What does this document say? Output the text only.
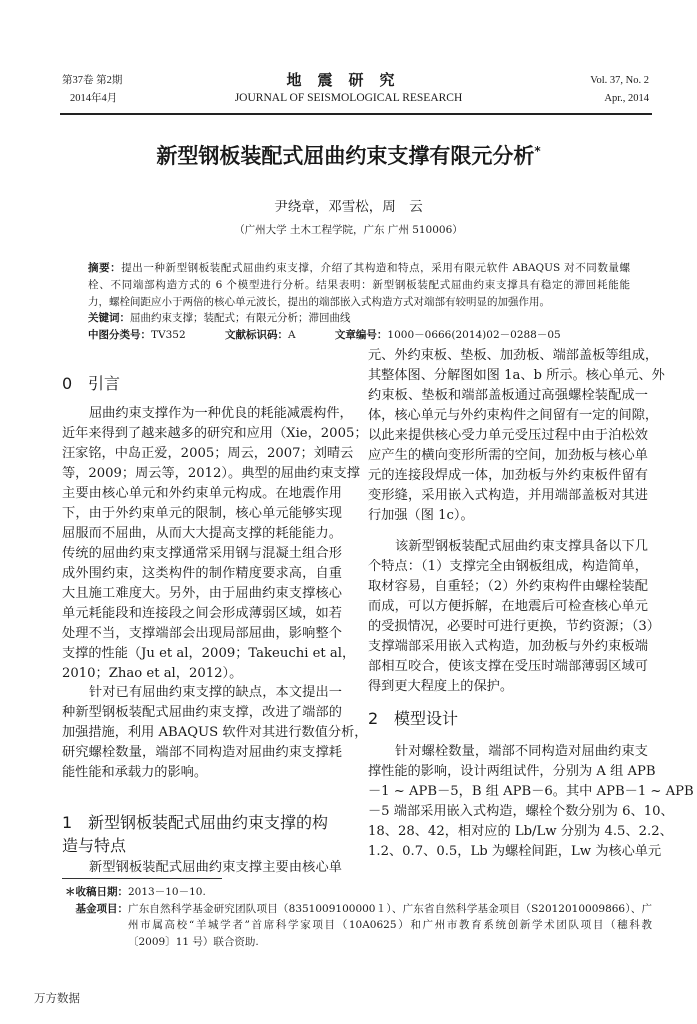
第37卷 第2期
2014年4月
地震研究
JOURNAL OF SEISMOLOGICAL RESEARCH
Vol. 37, No. 2
Apr., 2014
新型钢板装配式屈曲约束支撑有限元分析*
尹绕章，邓雪松，周　云
（广州大学 土木工程学院，广东 广州 510006）
摘要：提出一种新型钢板装配式屈曲约束支撑，介绍了其构造和特点，采用有限元软件 ABAQUS 对不同数量螺
栓、不同端部构造方式的 6 个模型进行分析。结果表明：新型钢板装配式屈曲约束支撑具有稳定的滞回耗能能
力，螺栓间距应小于两倍的核心单元波长，提出的端部嵌入式构造方式对端部有较明显的加强作用。
关键词：屈曲约束支撑；装配式；有限元分析；滞回曲线
中图分类号：TV352	文献标识码：A	文章编号：1000－0666(2014)02－0288－05
0 引言
屈曲约束支撑作为一种优良的耗能减震构件，
近年来得到了越来越多的研究和应用（Xie，2005；
汪家铭，中岛正爱，2005；周云，2007；刘晴云
等，2009；周云等，2012）。典型的屈曲约束支撑
主要由核心单元和外约束单元构成。在地震作用
下，由于外约束单元的限制，核心单元能够实现
屈服而不屈曲，从而大大提高支撑的耗能能力。
传统的屈曲约束支撑通常采用钢与混凝土组合形
成外围约束，这类构件的制作精度要求高，自重
大且施工难度大。另外，由于屈曲约束支撑核心
单元耗能段和连接段之间会形成薄弱区域，如若
处理不当，支撑端部会出现局部屈曲，影响整个
支撑的性能（Ju et al，2009；Takeuchi et al，
2010；Zhao et al，2012）。
针对已有屈曲约束支撑的缺点，本文提出一
种新型钢板装配式屈曲约束支撑，改进了端部的
加强措施，利用 ABAQUS 软件对其进行数值分析，
研究螺栓数量，端部不同构造对屈曲约束支撑耗
能性能和承载力的影响。
1 新型钢板装配式屈曲约束支撑的构
造与特点
新型钢板装配式屈曲约束支撑主要由核心单
元、外约束板、垫板、加劲板、端部盖板等组成，
其整体图、分解图如图 1a、b 所示。核心单元、外
约束板、垫板和端部盖板通过高强螺栓装配成一
体，核心单元与外约束构件之间留有一定的间隙，
以此来提供核心受力单元受压过程中由于泊松效
应产生的横向变形所需的空间，加劲板与核心单
元的连接段焊成一体，加劲板与外约束板件留有
变形缝，采用嵌入式构造，并用端部盖板对其进
行加强（图 1c）。
该新型钢板装配式屈曲约束支撑具备以下几
个特点：（1）支撑完全由钢板组成，构造简单，
取材容易，自重轻；（2）外约束构件由螺栓装配
而成，可以方便拆解，在地震后可检查核心单元
的受损情况，必要时可进行更换，节约资源；（3）
支撑端部采用嵌入式构造，加劲板与外约束板端
部相互咬合，使该支撑在受压时端部薄弱区域可
得到更大程度上的保护。
2 模型设计
针对螺栓数量，端部不同构造对屈曲约束支
撑性能的影响，设计两组试件，分别为 A 组 APB
－1 ~ APB－5，B 组 APB－6。其中 APB－1 ~ APB
－5 端部采用嵌入式构造，螺栓个数分别为 6、10、
18、28、42，相对应的 Lb/Lw 分别为 4.5、2.2、
1.2、0.7、0.5，Lb 为螺栓间距，Lw 为核心单元
＊收稿日期： 2013－10－10.
基金项目： 广东自然科学基金研究团队项目（8351009100000１）、广东省自然科学基金项目（S2012010009866）、广
州市属高校“羊城学者”首席科学家项目（10A0625）和广州市教育系统创新学术团队项目（穗科教
〔2009〕11 号）联合资助.
万方数据
